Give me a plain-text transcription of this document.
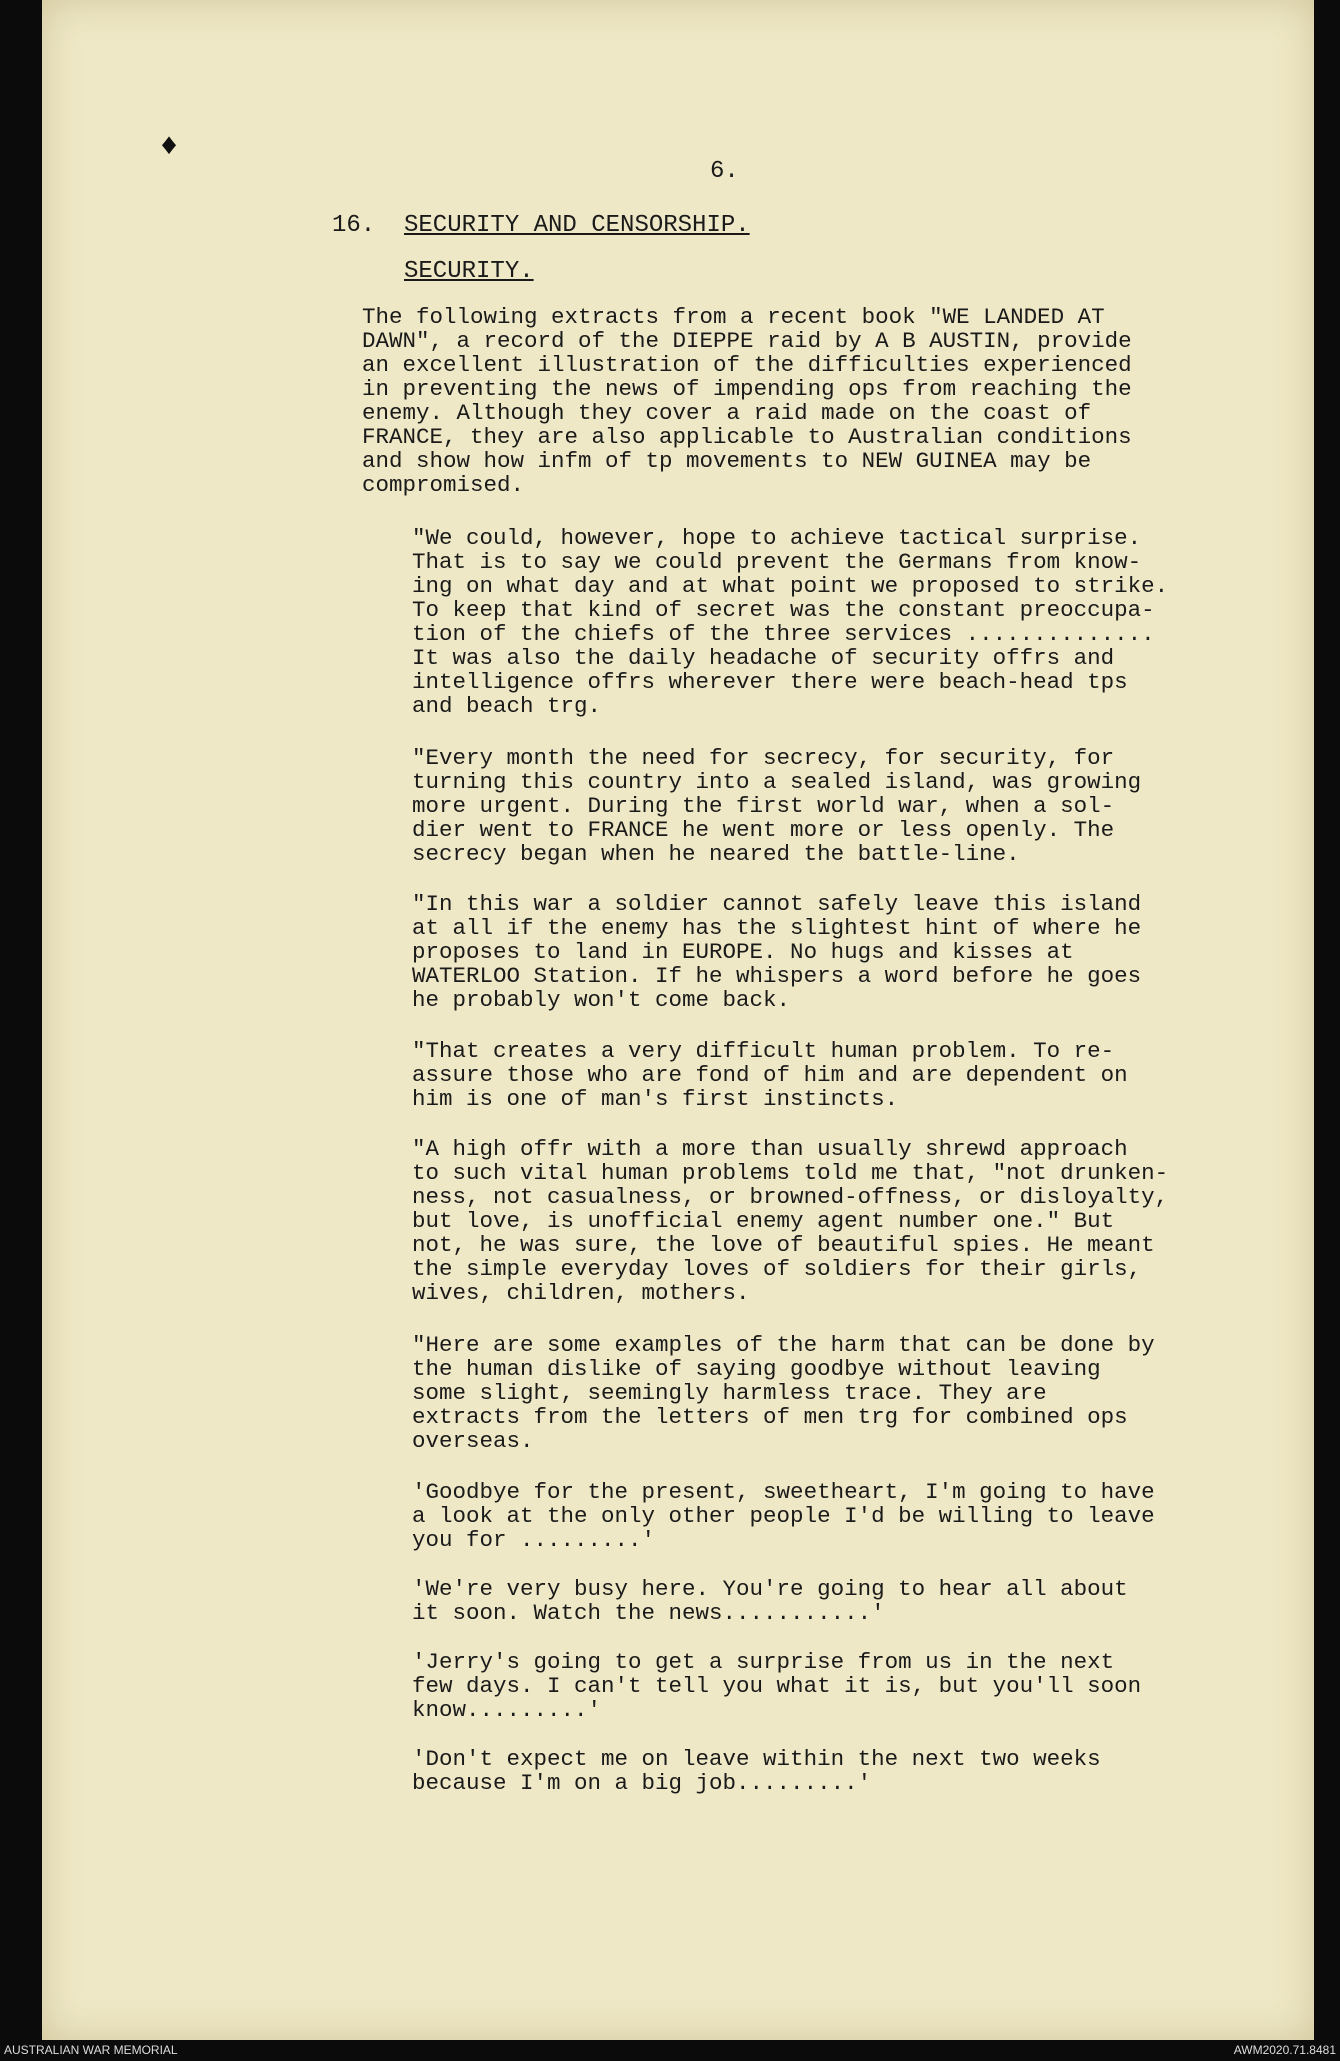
♦
6.
16. SECURITY AND CENSORSHIP.
SECURITY.
The following extracts from a recent book "WE LANDED AT
DAWN", a record of the DIEPPE raid by A B AUSTIN, provide
an excellent illustration of the difficulties experienced
in preventing the news of impending ops from reaching the
enemy. Although they cover a raid made on the coast of
FRANCE, they are also applicable to Australian conditions
and show how infm of tp movements to NEW GUINEA may be
compromised.
"We could, however, hope to achieve tactical surprise.
That is to say we could prevent the Germans from know-
ing on what day and at what point we proposed to strike.
To keep that kind of secret was the constant preoccupa-
tion of the chiefs of the three services ..............
It was also the daily headache of security offrs and
intelligence offrs wherever there were beach-head tps
and beach trg.
"Every month the need for secrecy, for security, for
turning this country into a sealed island, was growing
more urgent. During the first world war, when a sol-
dier went to FRANCE he went more or less openly. The
secrecy began when he neared the battle-line.
"In this war a soldier cannot safely leave this island
at all if the enemy has the slightest hint of where he
proposes to land in EUROPE. No hugs and kisses at
WATERLOO Station. If he whispers a word before he goes
he probably won't come back.
"That creates a very difficult human problem. To re-
assure those who are fond of him and are dependent on
him is one of man's first instincts.
"A high offr with a more than usually shrewd approach
to such vital human problems told me that, "not drunken-
ness, not casualness, or browned-offness, or disloyalty,
but love, is unofficial enemy agent number one." But
not, he was sure, the love of beautiful spies. He meant
the simple everyday loves of soldiers for their girls,
wives, children, mothers.
"Here are some examples of the harm that can be done by
the human dislike of saying goodbye without leaving
some slight, seemingly harmless trace. They are
extracts from the letters of men trg for combined ops
overseas.
'Goodbye for the present, sweetheart, I'm going to have
a look at the only other people I'd be willing to leave
you for .........'
'We're very busy here. You're going to hear all about
it soon. Watch the news...........'
'Jerry's going to get a surprise from us in the next
few days. I can't tell you what it is, but you'll soon
know.........'
'Don't expect me on leave within the next two weeks
because I'm on a big job.........'
AUSTRALIAN WAR MEMORIAL	AWM2020.71.8481
